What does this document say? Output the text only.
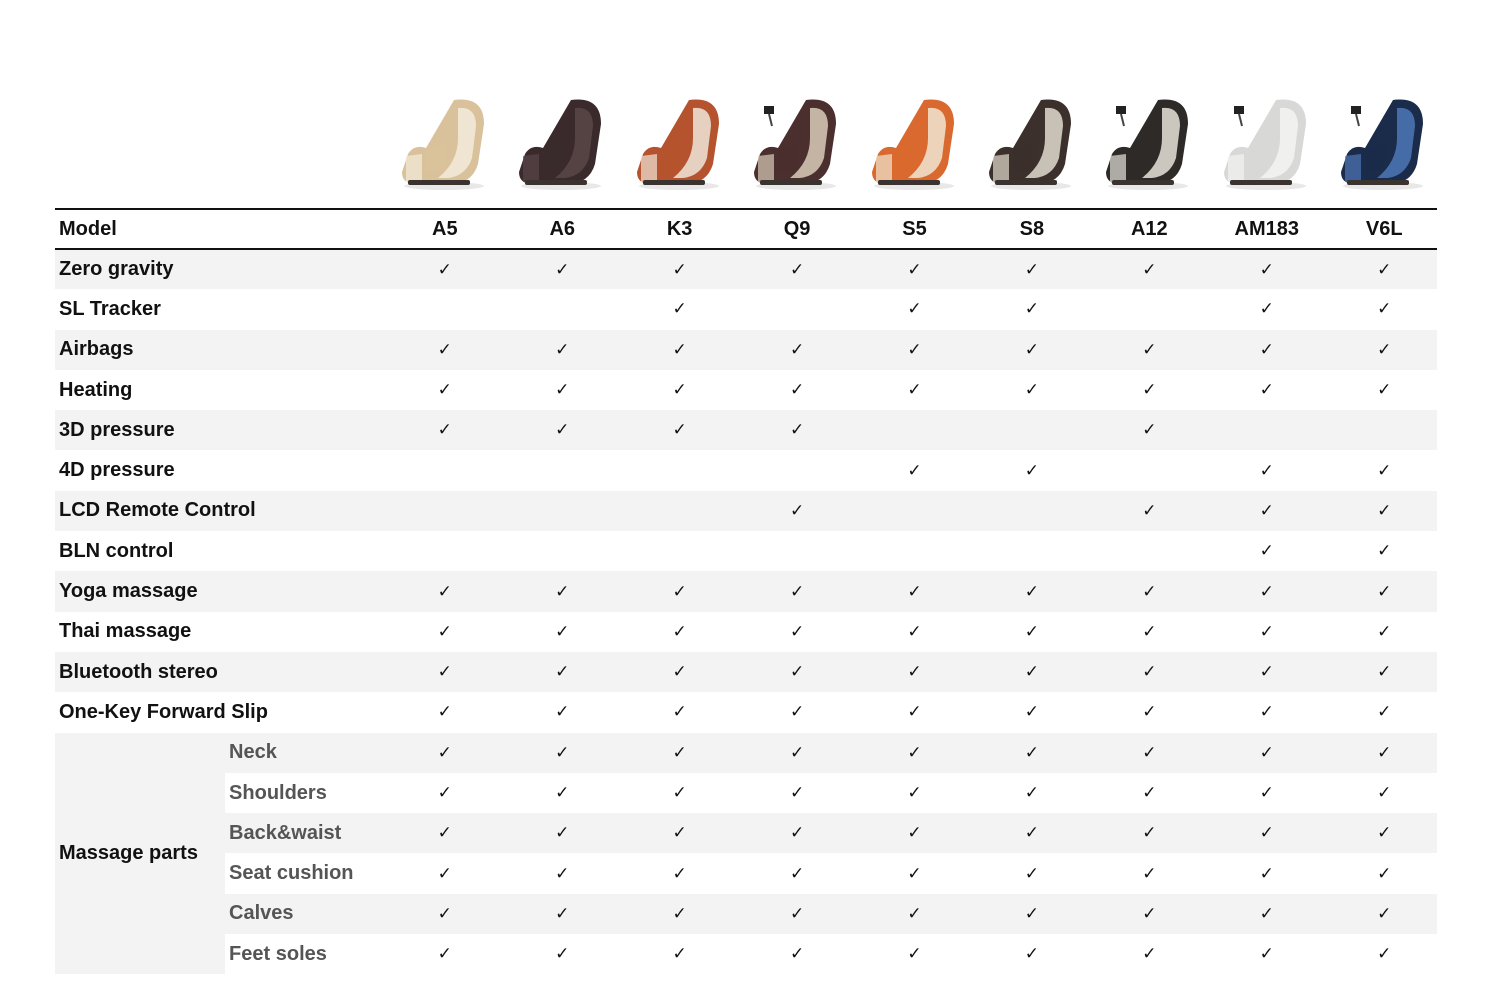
Model		A5	A6	K3	Q9	S5	S8	A12	AM183	V6L
Zero gravity		✓	✓	✓	✓	✓	✓	✓	✓	✓
SL Tracker				✓		✓	✓		✓	✓
Airbags		✓	✓	✓	✓	✓	✓	✓	✓	✓
Heating		✓	✓	✓	✓	✓	✓	✓	✓	✓
3D pressure		✓	✓	✓	✓			✓		
4D pressure						✓	✓		✓	✓
LCD Remote Control					✓			✓	✓	✓
BLN control									✓	✓
Yoga massage		✓	✓	✓	✓	✓	✓	✓	✓	✓
Thai massage		✓	✓	✓	✓	✓	✓	✓	✓	✓
Bluetooth stereo		✓	✓	✓	✓	✓	✓	✓	✓	✓
One-Key Forward Slip		✓	✓	✓	✓	✓	✓	✓	✓	✓
Massage parts	Neck	✓	✓	✓	✓	✓	✓	✓	✓	✓
	Shoulders	✓	✓	✓	✓	✓	✓	✓	✓	✓
	Back&waist	✓	✓	✓	✓	✓	✓	✓	✓	✓
	Seat cushion	✓	✓	✓	✓	✓	✓	✓	✓	✓
	Calves	✓	✓	✓	✓	✓	✓	✓	✓	✓
	Feet soles	✓	✓	✓	✓	✓	✓	✓	✓	✓
